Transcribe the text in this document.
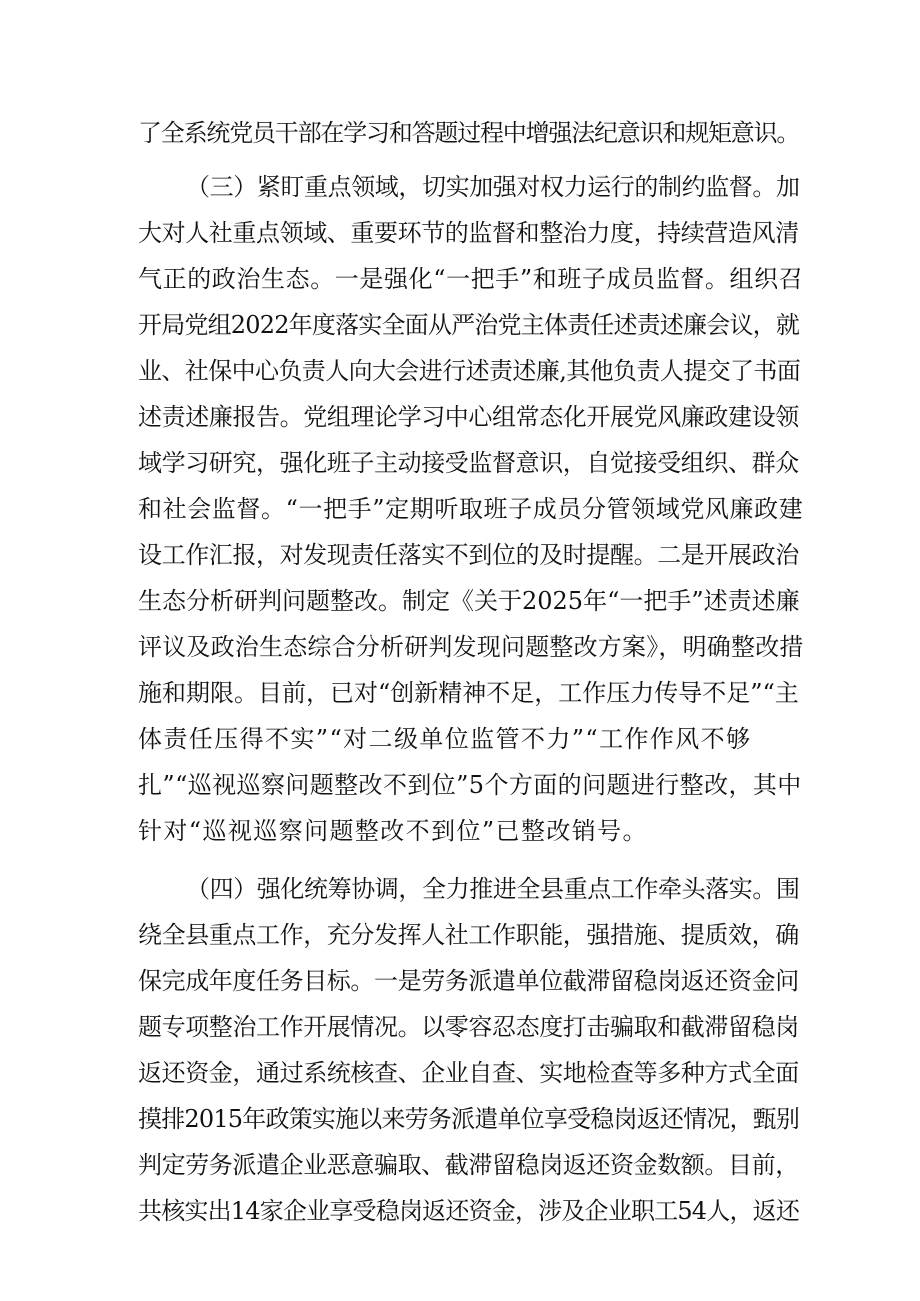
了全系统党员干部在学习和答题过程中增强法纪意识和规矩意识。
（三）紧盯重点领域，切实加强对权力运行的制约监督。加
大对人社重点领域、重要环节的监督和整治力度，持续营造风清
气正的政治生态。一是强化“一把手”和班子成员监督。组织召
开局党组2022年度落实全面从严治党主体责任述责述廉会议，就
业、社保中心负责人向大会进行述责述廉,其他负责人提交了书面
述责述廉报告。党组理论学习中心组常态化开展党风廉政建设领
域学习研究，强化班子主动接受监督意识，自觉接受组织、群众
和社会监督。“一把手”定期听取班子成员分管领域党风廉政建
设工作汇报，对发现责任落实不到位的及时提醒。二是开展政治
生态分析研判问题整改。制定《关于2025年“一把手”述责述廉
评议及政治生态综合分析研判发现问题整改方案》，明确整改措
施和期限。目前，已对“创新精神不足，工作压力传导不足”“主
体责任压得不实”“对二级单位监管不力”“工作作风不够
扎”“巡视巡察问题整改不到位”5个方面的问题进行整改，其中
针对“巡视巡察问题整改不到位”已整改销号。
（四）强化统筹协调，全力推进全县重点工作牵头落实。围
绕全县重点工作，充分发挥人社工作职能，强措施、提质效，确
保完成年度任务目标。一是劳务派遣单位截滞留稳岗返还资金问
题专项整治工作开展情况。以零容忍态度打击骗取和截滞留稳岗
返还资金，通过系统核查、企业自查、实地检查等多种方式全面
摸排2015年政策实施以来劳务派遣单位享受稳岗返还情况，甄别
判定劳务派遣企业恶意骗取、截滞留稳岗返还资金数额。目前，
共核实出14家企业享受稳岗返还资金，涉及企业职工54人，返还
